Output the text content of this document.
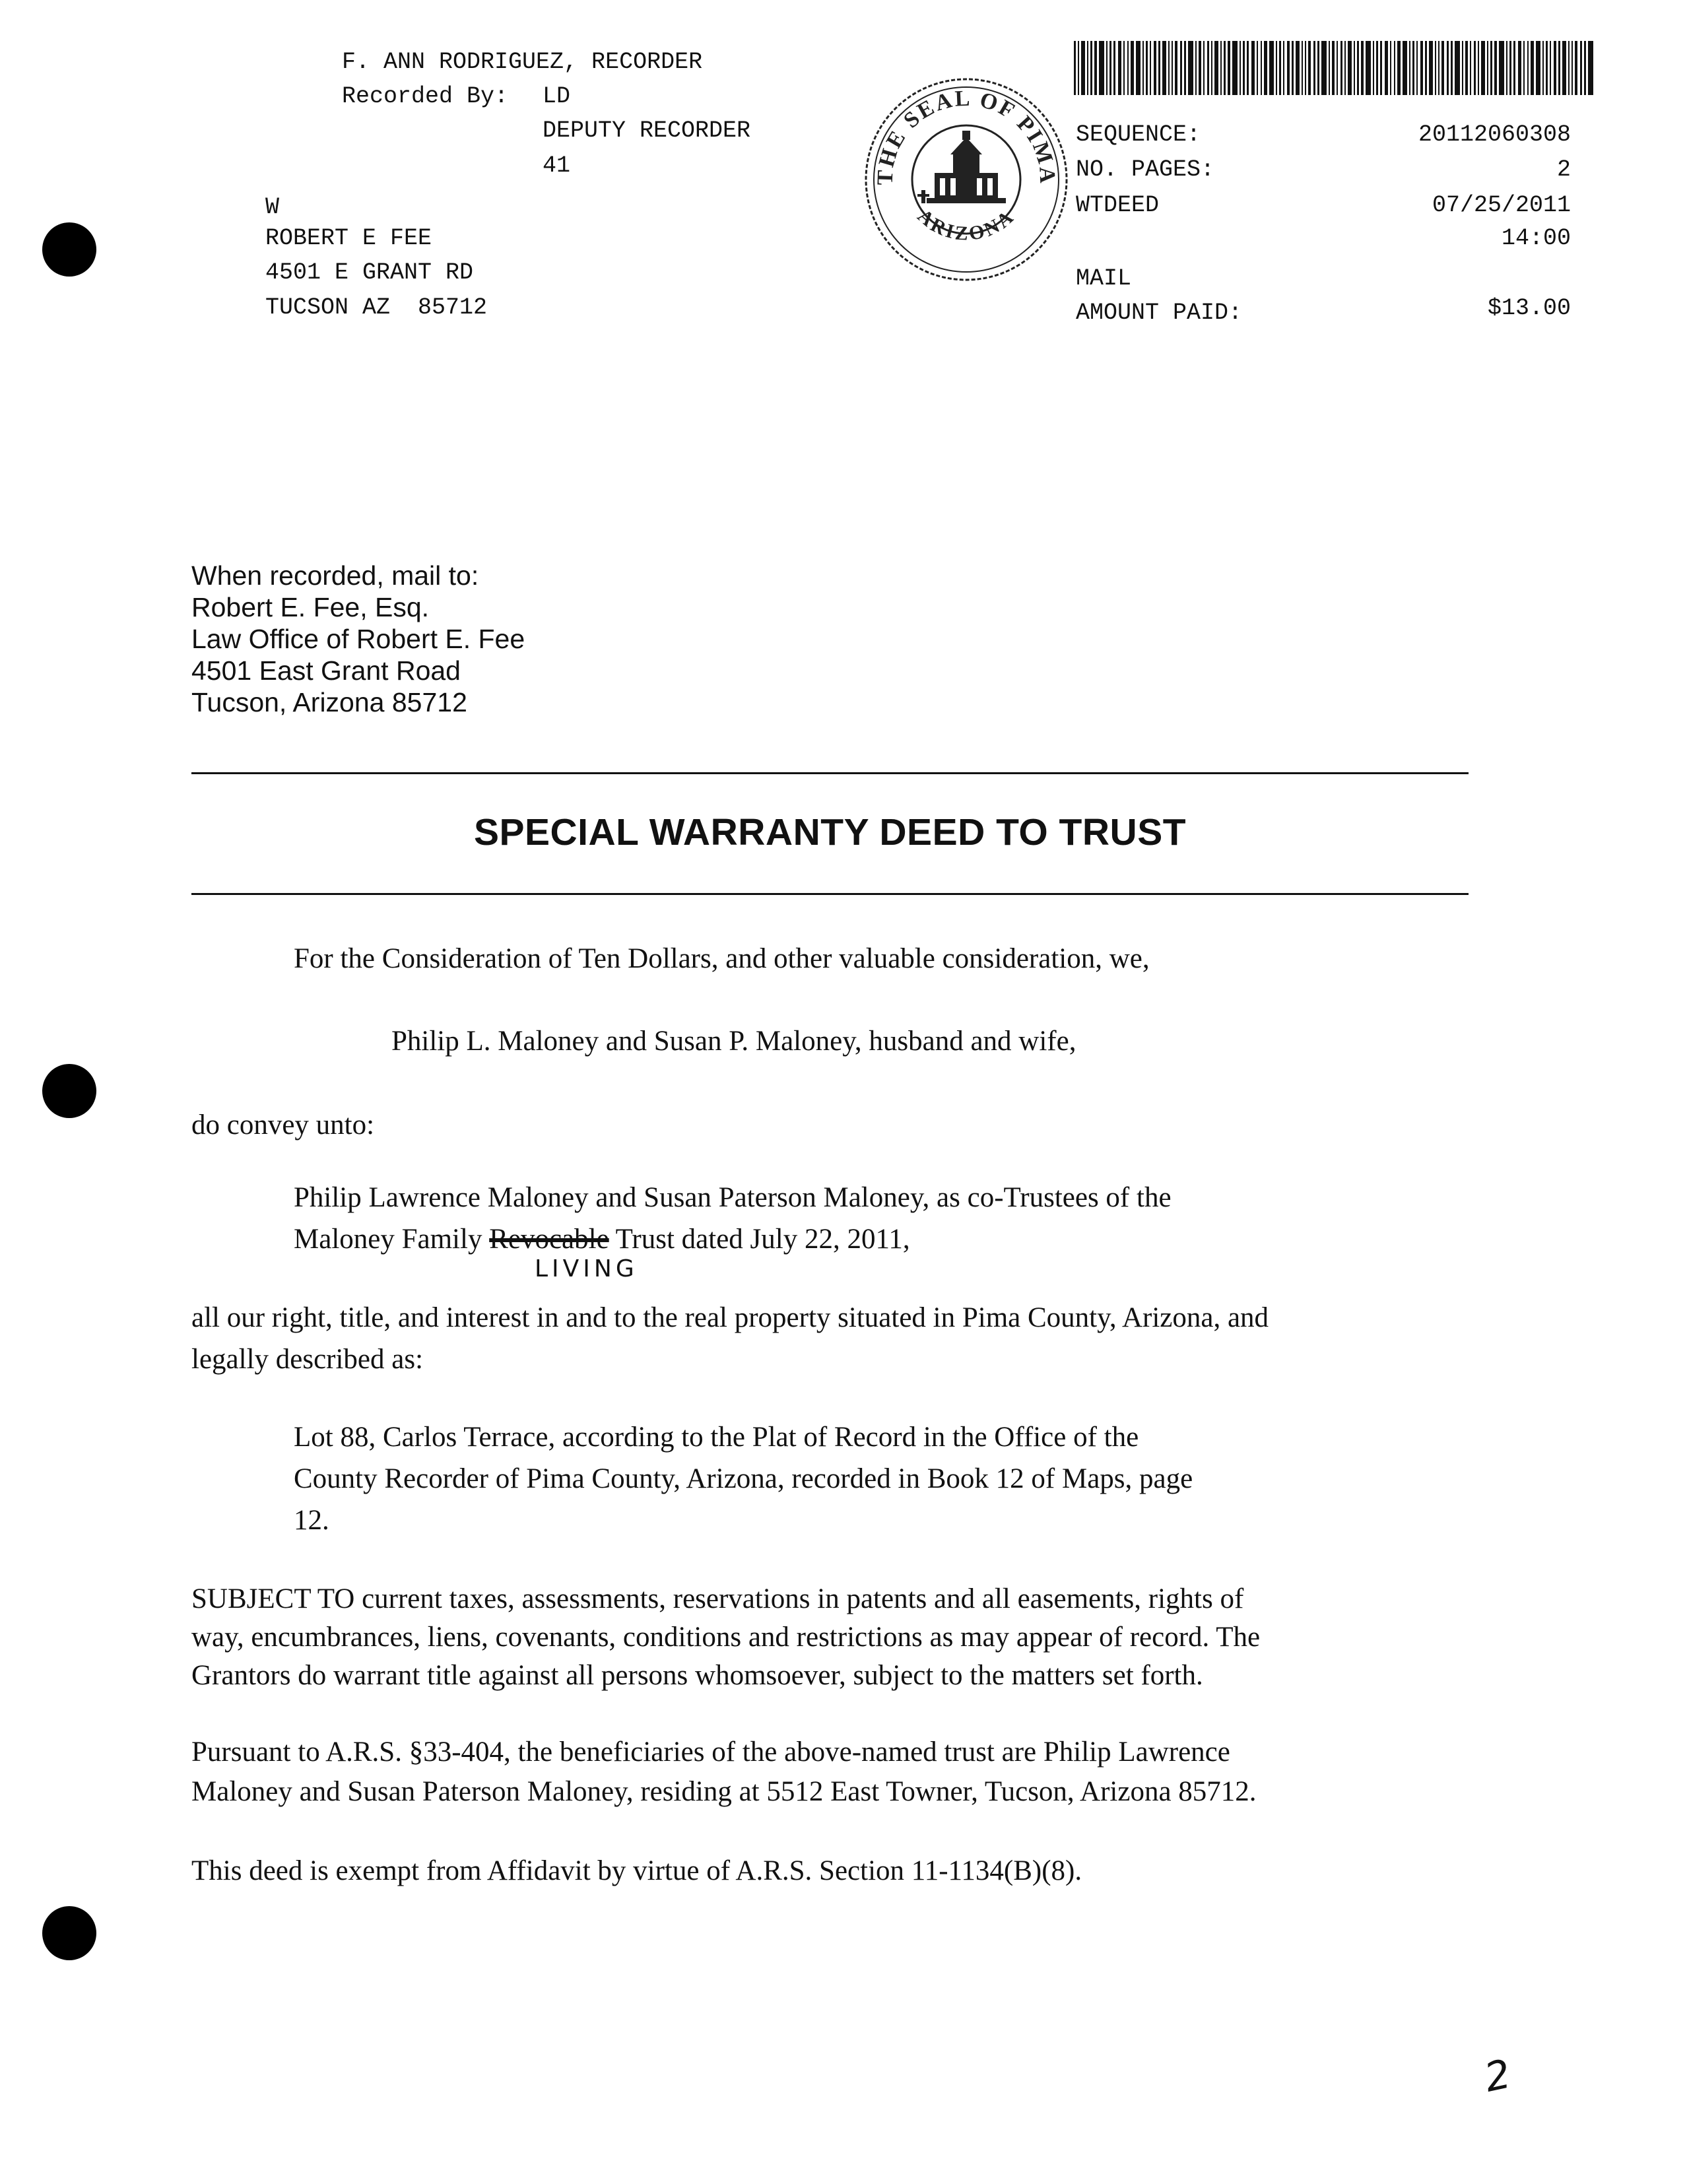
F. ANN RODRIGUEZ, RECORDER
Recorded By: LD
DEPUTY RECORDER
41
W
ROBERT E FEE
4501 E GRANT RD
TUCSON AZ  85712
THE SEAL OF PIMA
ARIZONA
SEQUENCE:	20112060308
NO. PAGES:	2
WTDEED	07/25/2011
14:00
MAIL
AMOUNT PAID:	$13.00
When recorded, mail to:
Robert E. Fee, Esq.
Law Office of Robert E. Fee
4501 East Grant Road
Tucson, Arizona 85712
SPECIAL WARRANTY DEED TO TRUST
For the Consideration of Ten Dollars, and other valuable consideration, we,
Philip L. Maloney and Susan P. Maloney, husband and wife,
do convey unto:
Philip Lawrence Maloney and Susan Paterson Maloney, as co-Trustees of the
Maloney Family Revocable Trust dated July 22, 2011,
LIVING
all our right, title, and interest in and to the real property situated in Pima County, Arizona, and
legally described as:
Lot 88, Carlos Terrace, according to the Plat of Record in the Office of the
County Recorder of Pima County, Arizona, recorded in Book 12 of Maps, page
12.
SUBJECT TO current taxes, assessments, reservations in patents and all easements, rights of
way, encumbrances, liens, covenants, conditions and restrictions as may appear of record. The
Grantors do warrant title against all persons whomsoever, subject to the matters set forth.
Pursuant to A.R.S. §33-404, the beneficiaries of the above-named trust are Philip Lawrence
Maloney and Susan Paterson Maloney, residing at 5512 East Towner, Tucson, Arizona 85712.
This deed is exempt from Affidavit by virtue of A.R.S. Section 11-1134(B)(8).
2
